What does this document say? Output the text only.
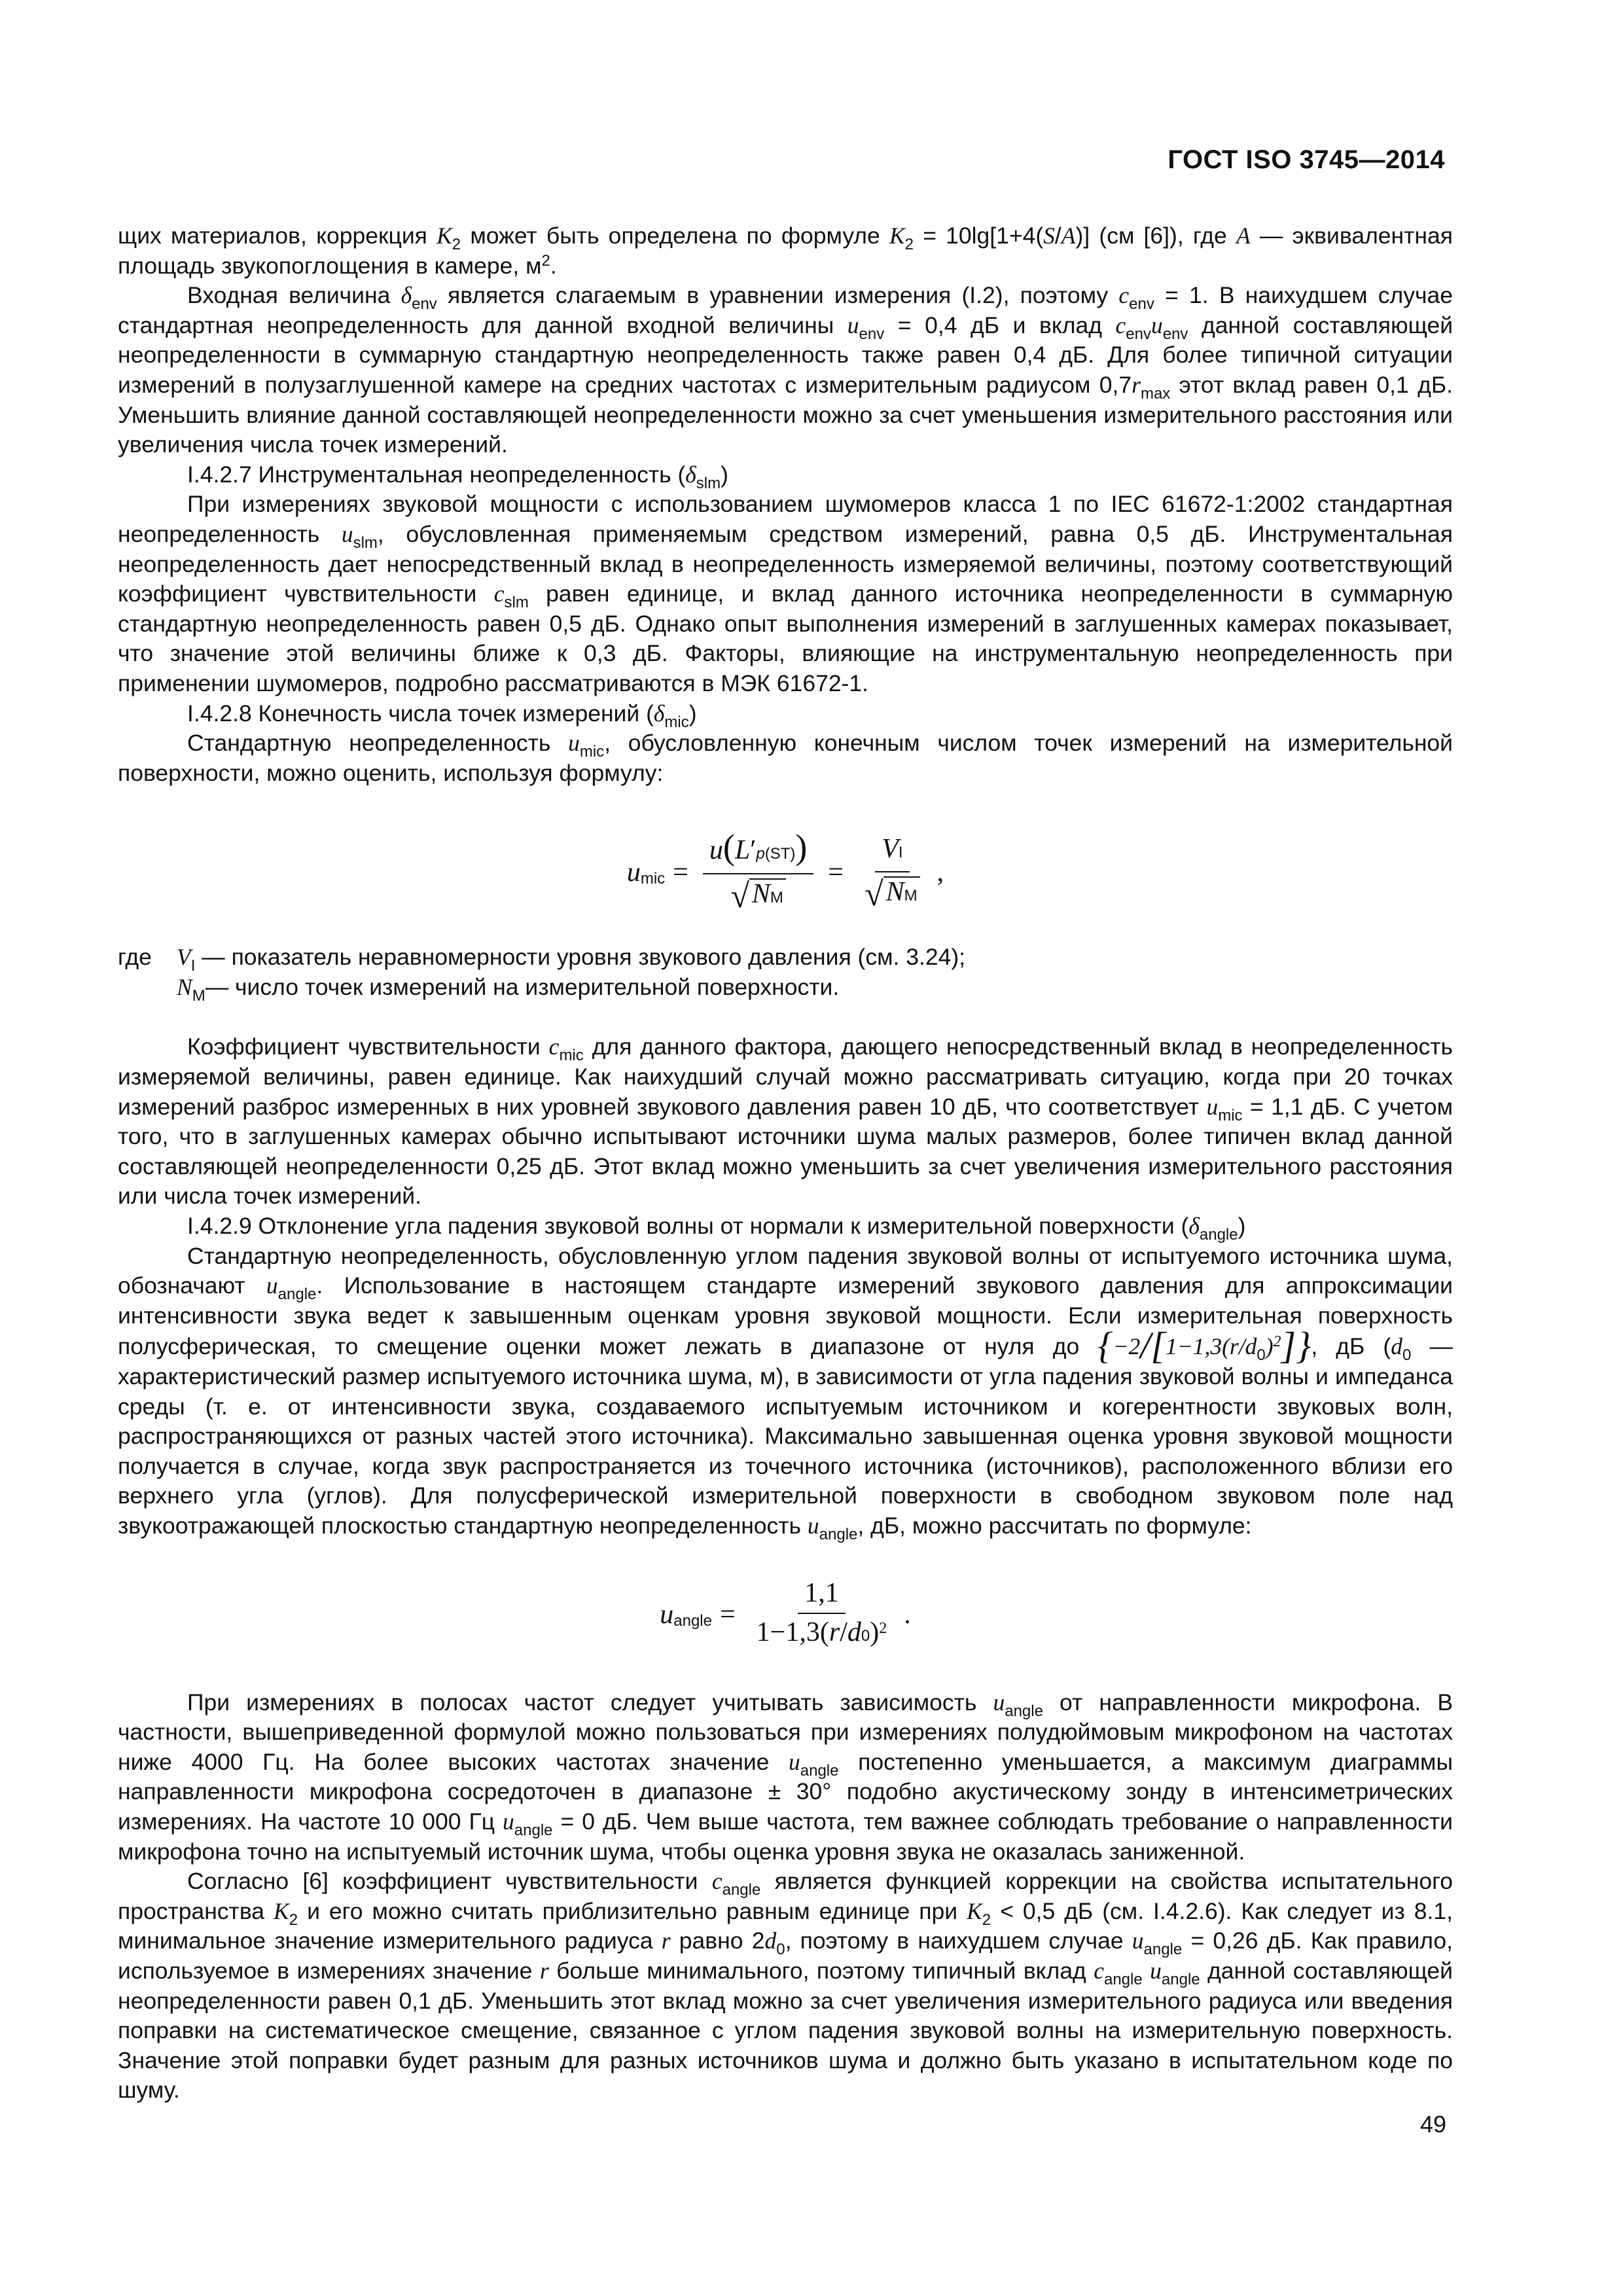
ГОСТ ISO 3745—2014

щих материалов, коррекция $K_2$ может быть определена по формуле $K_2 = 10\lg[1+4(S/A)]$ (см [6]), где A — эквивалентная площадь звукопоглощения в камере, $м^2$.

Входная величина $\delta_{env}$ является слагаемым в уравнении измерения (I.2), поэтому $c_{env} = 1$. В наихудшем случае стандартная неопределенность для данной входной величины $u_{env} = 0,4$ дБ и вклад $c_{env}u_{env}$ данной составляющей неопределенности в суммарную стандартную неопределенность также равен 0,4 дБ. Для более типичной ситуации измерений в полузаглушенной камере на средних частотах с измерительным радиусом $0,7r_{max}$ этот вклад равен 0,1 дБ. Уменьшить влияние данной составляющей неопределенности можно за счет уменьшения измерительного расстояния или увеличения числа точек измерений.

I.4.2.7 Инструментальная неопределенность $(\delta_{slm})$

При измерениях звуковой мощности с использованием шумомеров класса 1 по IEC 61672-1:2002 стандартная неопределенность $u_{slm}$, обусловленная применяемым средством измерений, равна 0,5 дБ. Инструментальная неопределенность дает непосредственный вклад в неопределенность измеряемой величины, поэтому соответствующий коэффициент чувствительности $c_{slm}$ равен единице, и вклад данного источника неопределенности в суммарную стандартную неопределенность равен 0,5 дБ. Однако опыт выполнения измерений в заглушенных камерах показывает, что значение этой величины ближе к 0,3 дБ. Факторы, влияющие на инструментальную неопределенность при применении шумомеров, подробно рассматриваются в МЭК 61672-1.

I.4.2.8 Конечность числа точек измерений $(\delta_{mic})$

Стандартную неопределенность $u_{mic}$, обусловленную конечным числом точек измерений на измерительной поверхности, можно оценить, используя формулу:

u mic = $\frac{u(L'p(ST))}{√ NM} = \frac{VI}{√ NM}$ ,
где	$V_I$ — показатель неравномерности уровня звукового давления (см. 3.24);
$N_M—$ число точек измерений на измерительной поверхности.

Коэффициент чувствительности $c_{mic}$ для данного фактора, дающего непосредственный вклад в неопределенность измеряемой величины, равен единице. Как наихудший случай можно рассматривать ситуацию, когда при 20 точках измерений разброс измеренных в них уровней звукового давления равен 10 дБ, что соответствует $u_{mic} = 1,1$ дБ. С учетом того, что в заглушенных камерах обычно испытывают источники шума малых размеров, более типичен вклад данной составляющей неопределенности 0,25 дБ. Этот вклад можно уменьшить за счет увеличения измерительного расстояния или числа точек измерений.

I.4.2.9 Отклонение угла падения звуковой волны от нормали к измерительной поверхности $(\delta_{angle})$

Стандартную неопределенность, обусловленную углом падения звуковой волны от испытуемого источника шума, обозначают $u_{angle}$. Использование в настоящем стандарте измерений звукового давления для аппроксимации интенсивности звука ведет к завышенным оценкам уровня звуковой мощности. Если измерительная поверхность полусферическая, то смещение оценки может лежать в диапазоне от нуля до $\{-2/[1-1,3(r/d_0)^2]\}$, дБ ($d_0$ — характеристический размер испытуемого источника шума, м), в зависимости от угла падения звуковой волны и импеданса среды (т. е. от интенсивности звука, создаваемого испытуемым источником и когерентности звуковых волн, распространяющихся от разных частей этого источника). Максимально завышенная оценка уровня звуковой мощности получается в случае, когда звук распространяется из точечного источника (источников), расположенного вблизи его верхнего угла (углов). Для полусферической измерительной поверхности в свободном звуковом поле над звукоотражающей плоскостью стандартную неопределенность $u_{angle}$, дБ, можно рассчитать по формуле:

u angle = $\frac{1,1}{1-1,3(r/d0)^2}$ .

При измерениях в полосах частот следует учитывать зависимость $u_{angle}$ от направленности микрофона. В частности, вышеприведенной формулой можно пользоваться при измерениях полудюймовым микрофоном на частотах ниже 4000 Гц. На более высоких частотах значение $u_{angle}$ постепенно уменьшается, а максимум диаграммы направленности микрофона сосредоточен в диапазоне ± 30° подобно акустическому зонду в интенсиметрических измерениях. На частоте 10 000 Гц $u_{angle} = 0$ дБ. Чем выше частота, тем важнее соблюдать требование о направленности микрофона точно на испытуемый источник шума, чтобы оценка уровня звука не оказалась заниженной.

Согласно [6] коэффициент чувствительности $c_{angle}$ является функцией коррекции на свойства испытательного пространства $K_2$ и его можно считать приблизительно равным единице при $K_2 < 0,5$ дБ (см. I.4.2.6). Как следует из 8.1, минимальное значение измерительного радиуса r равно $2d_0$, поэтому в наихудшем случае $u_{angle} = 0,26$ дБ. Как правило, используемое в измерениях значение r больше минимального, поэтому типичный вклад $c_{angle}$ $u_{angle}$ данной составляющей неопределенности равен 0,1 дБ. Уменьшить этот вклад можно за счет увеличения измерительного радиуса или введения поправки на систематическое смещение, связанное с углом падения звуковой волны на измерительную поверхность. Значение этой поправки будет разным для разных источников шума и должно быть указано в испытательном коде по шуму.

49
